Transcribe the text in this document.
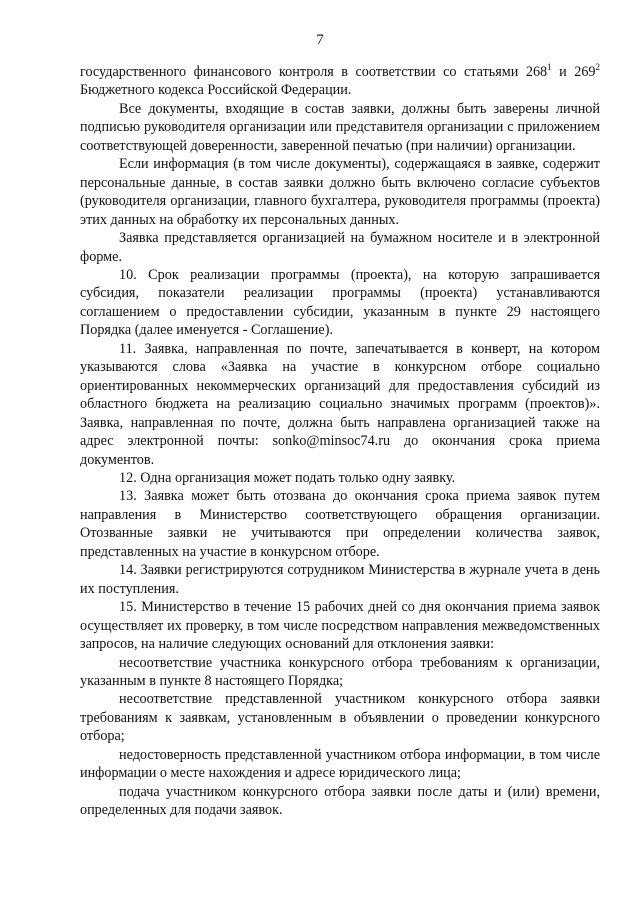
7

государственного финансового контроля в соответствии со статьями $268^1$ и $269^2$ Бюджетного кодекса Российской Федерации.

Все документы, входящие в состав заявки, должны быть заверены личной подписью руководителя организации или представителя организации с приложением соответствующей доверенности, заверенной печатью (при наличии) организации.

Если информация (в том числе документы), содержащаяся в заявке, содержит персональные данные, в состав заявки должно быть включено согласие субъектов (руководителя организации, главного бухгалтера, руководителя программы (проекта) этих данных на обработку их персональных данных.

Заявка представляется организацией на бумажном носителе и в электронной форме.

10. Срок реализации программы (проекта), на которую запрашивается субсидия, показатели реализации программы (проекта) устанавливаются соглашением о предоставлении субсидии, указанным в пункте 29 настоящего Порядка (далее именуется - Соглашение).

11. Заявка, направленная по почте, запечатывается в конверт, на котором указываются слова «Заявка на участие в конкурсном отборе социально ориентированных некоммерческих организаций для предоставления субсидий из областного бюджета на реализацию социально значимых программ (проектов)». Заявка, направленная по почте, должна быть направлена организацией также на адрес электронной почты: sonko@minsoc74.ru до окончания срока приема документов.

12. Одна организация может подать только одну заявку.

13. Заявка может быть отозвана до окончания срока приема заявок путем направления в Министерство соответствующего обращения организации. Отозванные заявки не учитываются при определении количества заявок, представленных на участие в конкурсном отборе.

14. Заявки регистрируются сотрудником Министерства в журнале учета в день их поступления.

15. Министерство в течение 15 рабочих дней со дня окончания приема заявок осуществляет их проверку, в том числе посредством направления межведомственных запросов, на наличие следующих оснований для отклонения заявки:

несоответствие участника конкурсного отбора требованиям к организации, указанным в пункте 8 настоящего Порядка;

несоответствие представленной участником конкурсного отбора заявки требованиям к заявкам, установленным в объявлении о проведении конкурсного отбора;

недостоверность представленной участником отбора информации, в том числе информации о месте нахождения и адресе юридического лица;

подача участником конкурсного отбора заявки после даты и (или) времени, определенных для подачи заявок.
